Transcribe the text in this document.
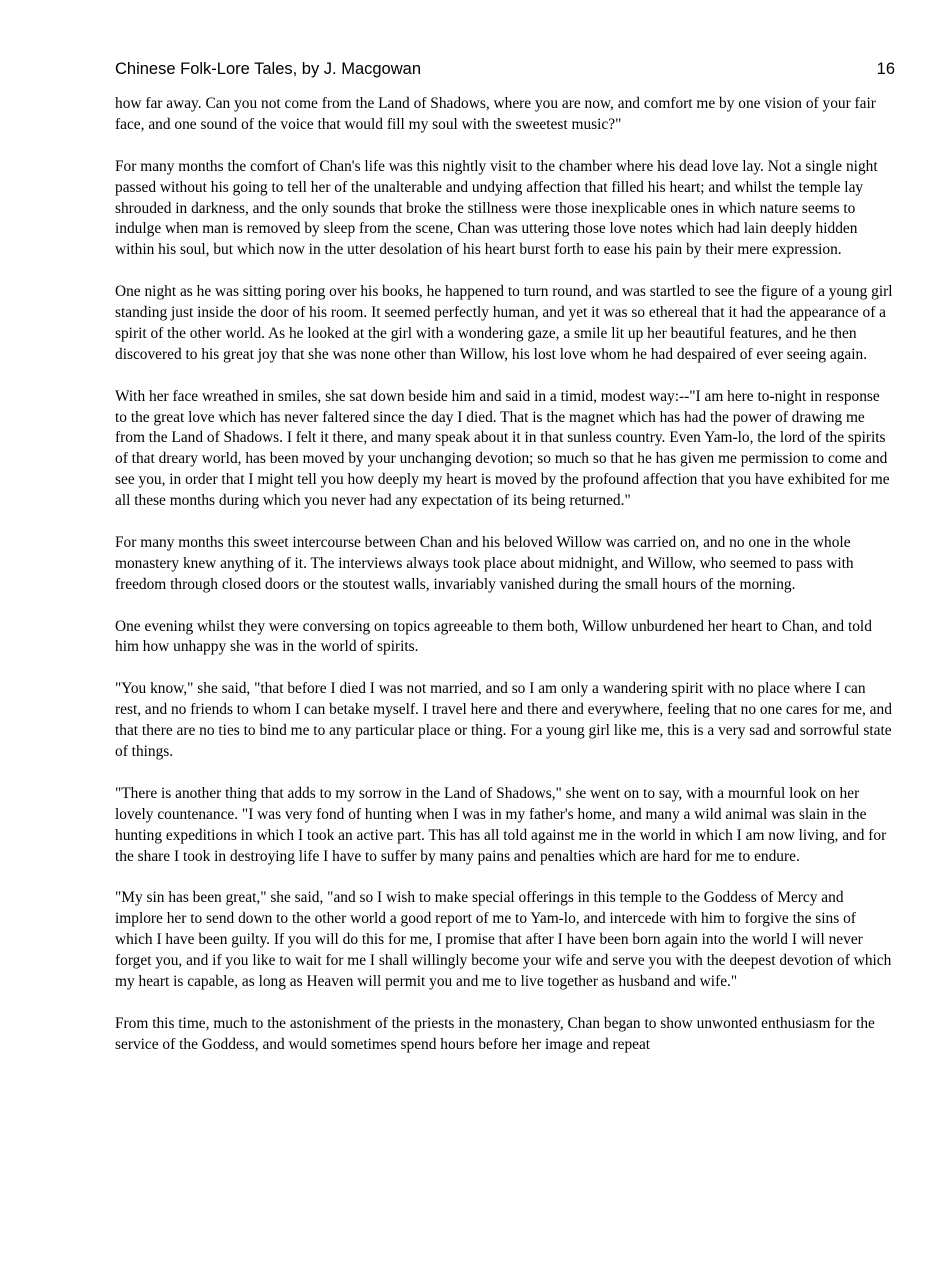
Chinese Folk-Lore Tales, by J. Macgowan	16

how far away. Can you not come from the Land of Shadows, where you are now, and comfort me by one vision of your fair face, and one sound of the voice that would fill my soul with the sweetest music?"

For many months the comfort of Chan's life was this nightly visit to the chamber where his dead love lay. Not a single night passed without his going to tell her of the unalterable and undying affection that filled his heart; and whilst the temple lay shrouded in darkness, and the only sounds that broke the stillness were those inexplicable ones in which nature seems to indulge when man is removed by sleep from the scene, Chan was uttering those love notes which had lain deeply hidden within his soul, but which now in the utter desolation of his heart burst forth to ease his pain by their mere expression.

One night as he was sitting poring over his books, he happened to turn round, and was startled to see the figure of a young girl standing just inside the door of his room. It seemed perfectly human, and yet it was so ethereal that it had the appearance of a spirit of the other world. As he looked at the girl with a wondering gaze, a smile lit up her beautiful features, and he then discovered to his great joy that she was none other than Willow, his lost love whom he had despaired of ever seeing again.

With her face wreathed in smiles, she sat down beside him and said in a timid, modest way:--"I am here to-night in response to the great love which has never faltered since the day I died. That is the magnet which has had the power of drawing me from the Land of Shadows. I felt it there, and many speak about it in that sunless country. Even Yam-lo, the lord of the spirits of that dreary world, has been moved by your unchanging devotion; so much so that he has given me permission to come and see you, in order that I might tell you how deeply my heart is moved by the profound affection that you have exhibited for me all these months during which you never had any expectation of its being returned."

For many months this sweet intercourse between Chan and his beloved Willow was carried on, and no one in the whole monastery knew anything of it. The interviews always took place about midnight, and Willow, who seemed to pass with freedom through closed doors or the stoutest walls, invariably vanished during the small hours of the morning.

One evening whilst they were conversing on topics agreeable to them both, Willow unburdened her heart to Chan, and told him how unhappy she was in the world of spirits.

"You know," she said, "that before I died I was not married, and so I am only a wandering spirit with no place where I can rest, and no friends to whom I can betake myself. I travel here and there and everywhere, feeling that no one cares for me, and that there are no ties to bind me to any particular place or thing. For a young girl like me, this is a very sad and sorrowful state of things.

"There is another thing that adds to my sorrow in the Land of Shadows," she went on to say, with a mournful look on her lovely countenance. "I was very fond of hunting when I was in my father's home, and many a wild animal was slain in the hunting expeditions in which I took an active part. This has all told against me in the world in which I am now living, and for the share I took in destroying life I have to suffer by many pains and penalties which are hard for me to endure.

"My sin has been great," she said, "and so I wish to make special offerings in this temple to the Goddess of Mercy and implore her to send down to the other world a good report of me to Yam-lo, and intercede with him to forgive the sins of which I have been guilty. If you will do this for me, I promise that after I have been born again into the world I will never forget you, and if you like to wait for me I shall willingly become your wife and serve you with the deepest devotion of which my heart is capable, as long as Heaven will permit you and me to live together as husband and wife."

From this time, much to the astonishment of the priests in the monastery, Chan began to show unwonted enthusiasm for the service of the Goddess, and would sometimes spend hours before her image and repeat
